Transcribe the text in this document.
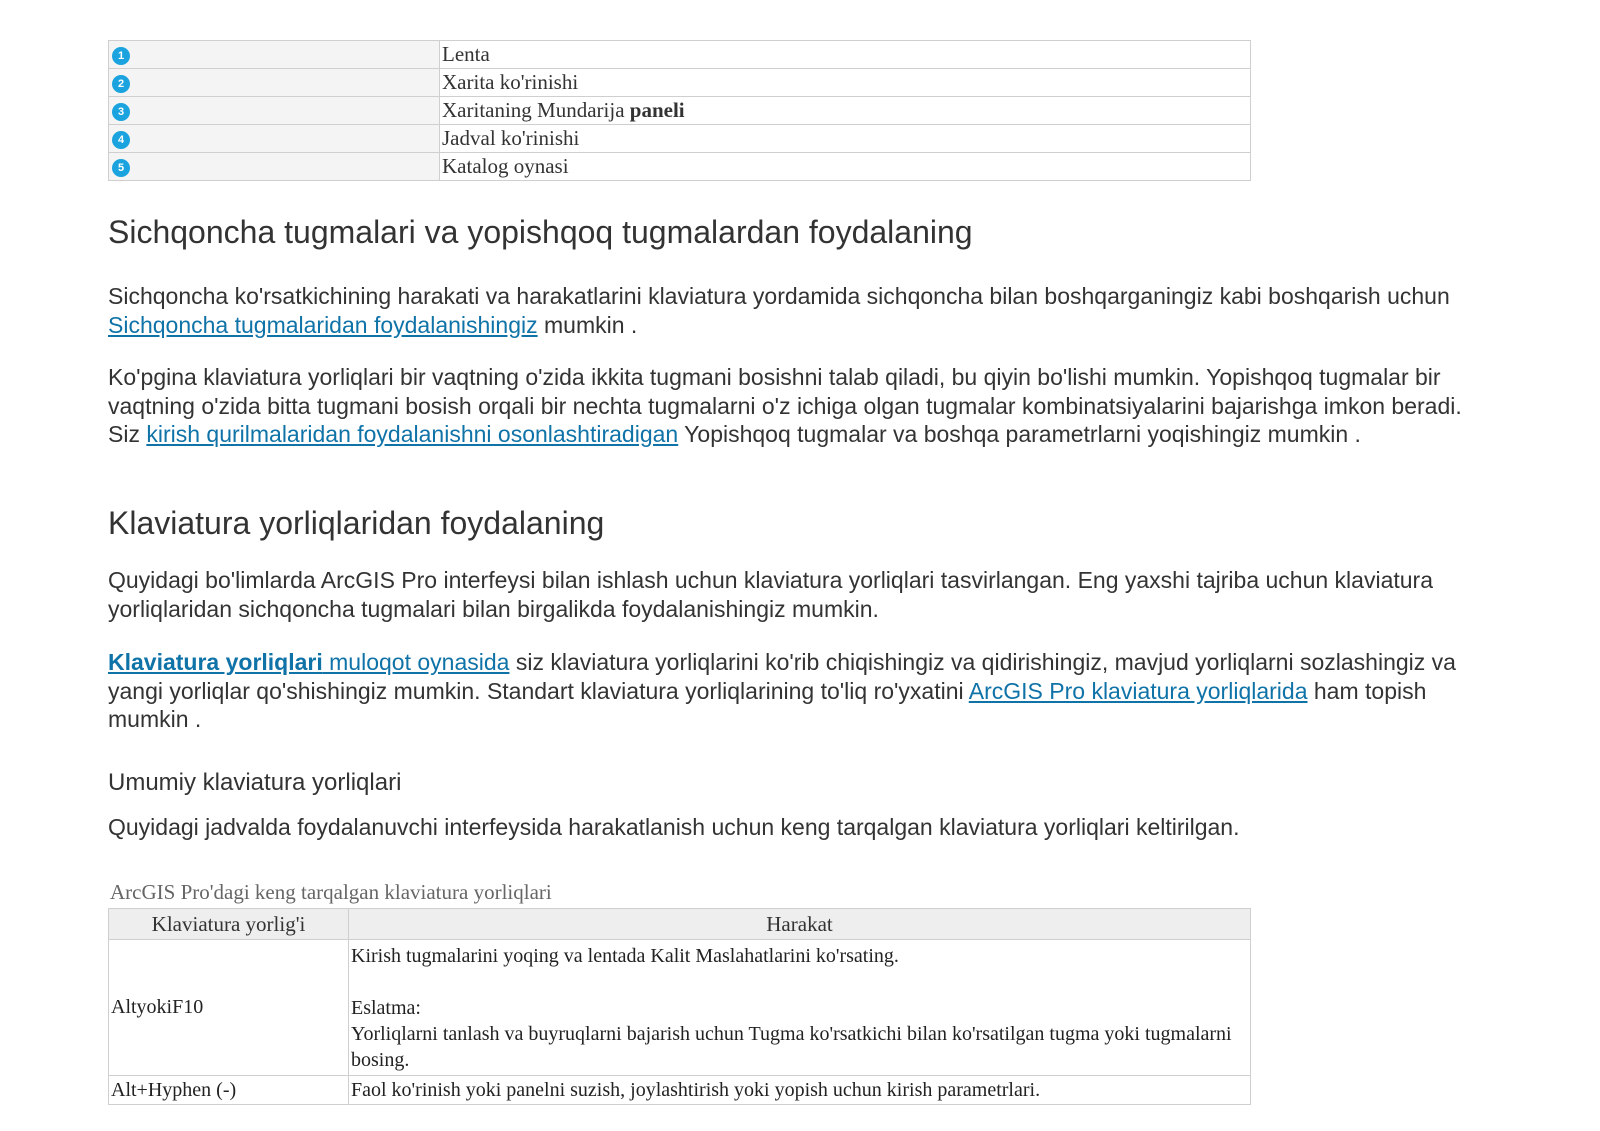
1	Lenta
2	Xarita ko'rinishi
3	Xaritaning Mundarija paneli
4	Jadval ko'rinishi
5	Katalog oynasi
Sichqoncha tugmalari va yopishqoq tugmalardan foydalaning

Sichqoncha ko'rsatkichining harakati va harakatlarini klaviatura yordamida sichqoncha bilan boshqarganingiz kabi boshqarish uchun Sichqoncha tugmalaridan foydalanishingiz mumkin .

Ko'pgina klaviatura yorliqlari bir vaqtning o'zida ikkita tugmani bosishni talab qiladi, bu qiyin bo'lishi mumkin. Yopishqoq tugmalar bir vaqtning o'zida bitta tugmani bosish orqali bir nechta tugmalarni o'z ichiga olgan tugmalar kombinatsiyalarini bajarishga imkon beradi. Siz kirish qurilmalaridan foydalanishni osonlashtiradigan Yopishqoq tugmalar va boshqa parametrlarni yoqishingiz mumkin .

Klaviatura yorliqlaridan foydalaning

Quyidagi bo'limlarda ArcGIS Pro interfeysi bilan ishlash uchun klaviatura yorliqlari tasvirlangan. Eng yaxshi tajriba uchun klaviatura yorliqlaridan sichqoncha tugmalari bilan birgalikda foydalanishingiz mumkin.

Klaviatura yorliqlari muloqot oynasida siz klaviatura yorliqlarini ko'rib chiqishingiz va qidirishingiz, mavjud yorliqlarni sozlashingiz va yangi yorliqlar qo'shishingiz mumkin. Standart klaviatura yorliqlarining to'liq ro'yxatini ArcGIS Pro klaviatura yorliqlarida ham topish mumkin .

Umumiy klaviatura yorliqlari

Quyidagi jadvalda foydalanuvchi interfeysida harakatlanish uchun keng tarqalgan klaviatura yorliqlari keltirilgan.

ArcGIS Pro'dagi keng tarqalgan klaviatura yorliqlari
Klaviatura yorlig'i	Harakat
AltyokiF10	Kirish tugmalarini yoqing va lentada Kalit Maslahatlarini ko'rsating.
Eslatma:
Yorliqlarni tanlash va buyruqlarni bajarish uchun Tugma ko'rsatkichi bilan ko'rsatilgan tugma yoki tugmalarni bosing.

Alt+Hyphen (-)	Faol ko'rinish yoki panelni suzish, joylashtirish yoki yopish uchun kirish parametrlari.
